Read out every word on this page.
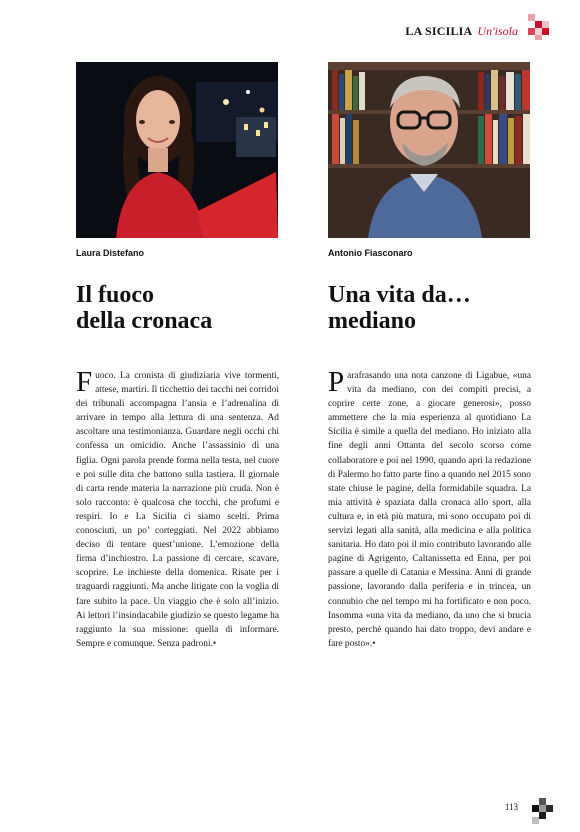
LA SICILIA Un'isola
Laura Distefano	Antonio Fiasconaro
Il fuoco
della cronaca
Una vita da…
mediano
Fuoco. La cronista di giudiziaria vive tormenti, attese, martiri. Il ticchettio dei tacchi nei corridoi dei tribunali accompagna l’ansia e l’adrenalina di arrivare in tempo alla lettura di una sentenza. Ad ascoltare una testimonianza. Guardare negli occhi chi confessa un omicidio. Anche l’assassinio di una figlia. Ogni parola prende forma nella testa, nel cuore e poi sulle dita che battono sulla tastiera. Il giornale di carta rende materia la narrazione più cruda. Non è solo racconto: è qualcosa che tocchi, che profumi e respiri. Io e La Sicilia ci siamo scelti. Prima conosciuti, un po’ corteggiati. Nel 2022 abbiamo deciso di tentare quest’unione. L’emozione della firma d’inchiostro. La passione di cercare, scavare, scoprire. Le inchieste della domenica. Risate per i traguardi raggiunti. Ma anche litigate con la voglia di fare subito la pace. Un viaggio che è solo all’inizio. Ai lettori l’insindacabile giudizio se questo legame ha raggiunto la sua missione: quella di informare. Sempre e comunque. Senza padroni.•
Parafrasando una nota canzone di Ligabue, «una vita da mediano, con dei compiti precisi, a coprire certe zone, a giocare generosi», posso ammettere che la mia esperienza al quotidiano La Sicilia è simile a quella del mediano. Ho iniziato alla fine degli anni Ottanta del secolo scorso come collaboratore e poi nel 1990, quando aprì la redazione di Palermo ho fatto parte fino a quando nel 2015 sono state chiuse le pagine, della formidabile squadra. La mia attività è spaziata dalla cronaca allo sport, alla cultura e, in età più matura, mi sono occupato poi di servizi legati alla sanità, alla medicina e alla politica sanitaria. Ho dato poi il mio contributo lavorando alle pagine di Agrigento, Caltanissetta ed Enna, per poi passare a quelle di Catania e Messina. Anni di grande passione, lavorando dalla periferia e in trincea, un connubio che nel tempo mi ha fortificato e non poco. Insomma «una vita da mediano, da uno che si brucia presto, perché quando hai dato troppo, devi andare e fare posto».•
113
